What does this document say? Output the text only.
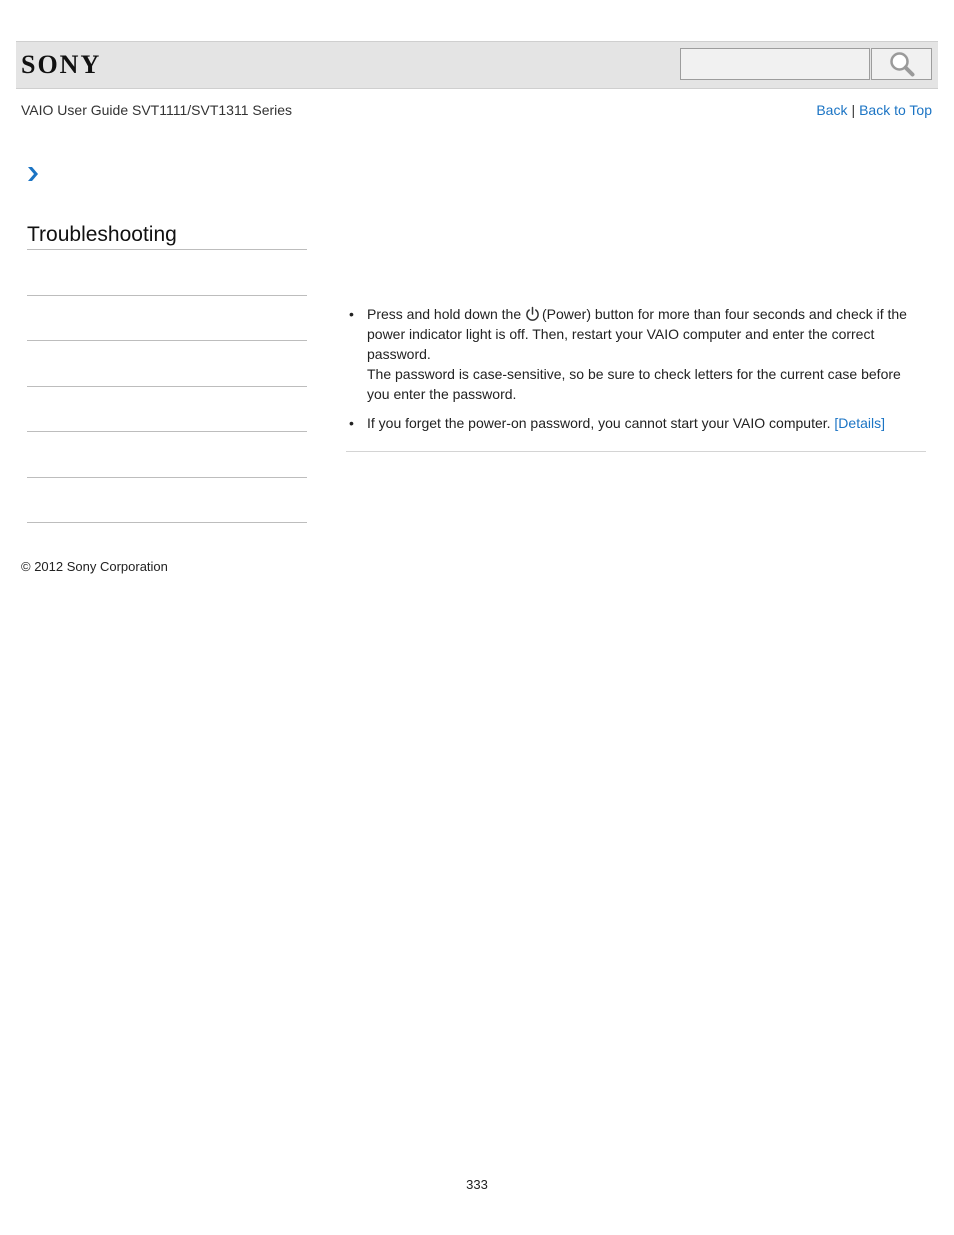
SONY
VAIO User Guide SVT1111/SVT1311 Series	Back | Back to Top
Troubleshooting
• Press and hold down the (Power) button for more than four seconds and check if the power indicator light is off. Then, restart your VAIO computer and enter the correct password.

The password is case-sensitive, so be sure to check letters for the current case before you enter the password.

• If you forget the power-on password, you cannot start your VAIO computer. [Details]

© 2012 Sony Corporation
333
